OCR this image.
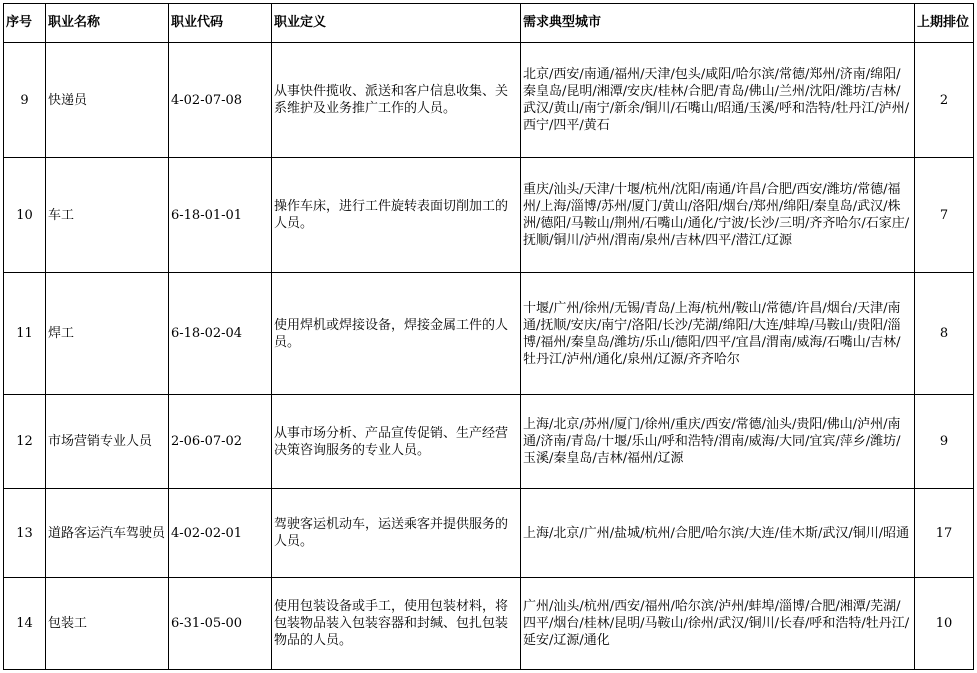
序号	职业名称	职业代码	职业定义	需求典型城市	上期排位
9	快递员	4-02-07-08	从事快件揽收、派送和客户信息收集、关系维护及业务推广工作的人员。	北京/西安/南通/福州/天津/包头/咸阳/哈尔滨/常德/郑州/济南/绵阳/秦皇岛/昆明/湘潭/安庆/桂林/合肥/青岛/佛山/兰州/沈阳/潍坊/吉林/武汉/黄山/南宁/新余/铜川/石嘴山/昭通/玉溪/呼和浩特/牡丹江/泸州/西宁/四平/黄石	2
10	车工	6-18-01-01	操作车床，进行工件旋转表面切削加工的人员。	重庆/汕头/天津/十堰/杭州/沈阳/南通/许昌/合肥/西安/潍坊/常德/福州/上海/淄博/苏州/厦门/黄山/洛阳/烟台/郑州/绵阳/秦皇岛/武汉/株洲/德阳/马鞍山/荆州/石嘴山/通化/宁波/长沙/三明/齐齐哈尔/石家庄/抚顺/铜川/泸州/渭南/泉州/吉林/四平/潜江/辽源	7
11	焊工	6-18-02-04	使用焊机或焊接设备，焊接金属工件的人员。	十堰/广州/徐州/无锡/青岛/上海/杭州/鞍山/常德/许昌/烟台/天津/南通/抚顺/安庆/南宁/洛阳/长沙/芜湖/绵阳/大连/蚌埠/马鞍山/贵阳/淄博/福州/秦皇岛/潍坊/乐山/德阳/四平/宜昌/渭南/威海/石嘴山/吉林/牡丹江/泸州/通化/泉州/辽源/齐齐哈尔	8
12	市场营销专业人员	2-06-07-02	从事市场分析、产品宣传促销、生产经营决策咨询服务的专业人员。	上海/北京/苏州/厦门/徐州/重庆/西安/常德/汕头/贵阳/佛山/泸州/南通/济南/青岛/十堰/乐山/呼和浩特/渭南/威海/大同/宜宾/萍乡/潍坊/玉溪/秦皇岛/吉林/福州/辽源	9
13	道路客运汽车驾驶员	4-02-02-01	驾驶客运机动车，运送乘客并提供服务的人员。	上海/北京/广州/盐城/杭州/合肥/哈尔滨/大连/佳木斯/武汉/铜川/昭通	17
14	包装工	6-31-05-00	使用包装设备或手工，使用包装材料，将包装物品装入包装容器和封缄、包扎包装物品的人员。	广州/汕头/杭州/西安/福州/哈尔滨/泸州/蚌埠/淄博/合肥/湘潭/芜湖/四平/烟台/桂林/昆明/马鞍山/徐州/武汉/铜川/长春/呼和浩特/牡丹江/延安/辽源/通化	10
